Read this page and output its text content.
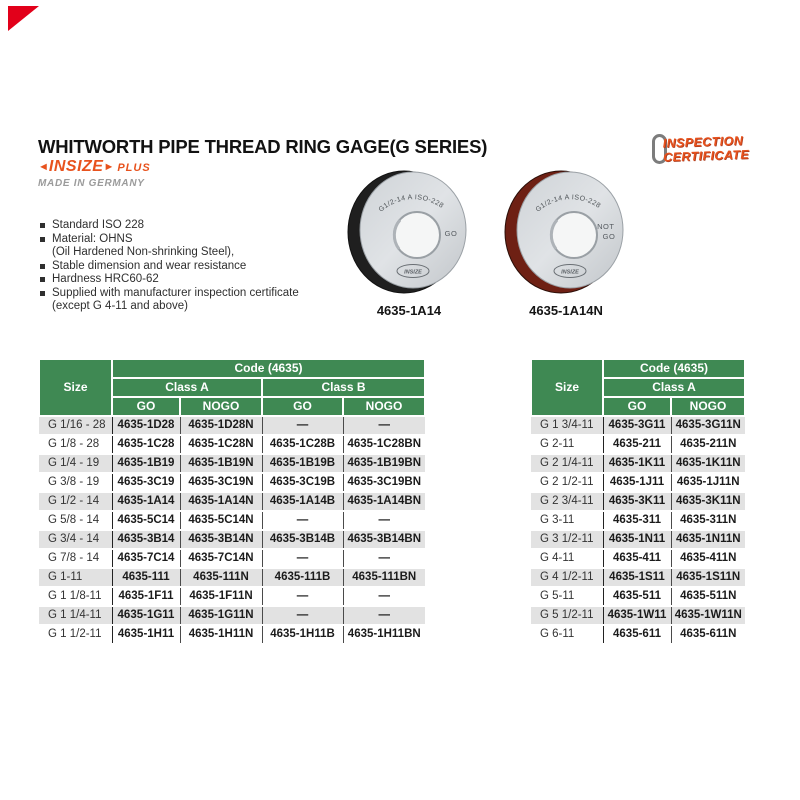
WHITWORTH PIPE THREAD RING GAGE(G SERIES)
◄INSIZE► PLUS
MADE IN GERMANY
INSPECTION
CERTIFICATE
Standard ISO 228
Material: OHNS
(Oil Hardened Non-shrinking Steel),
Stable dimension and wear resistance
Hardness HRC60-62
Supplied with manufacturer inspection certificate
(except G 4-11 and above)
G1/2-14 A ISO-228
GO
INSIZE
4635-1A14
G1/2-14 A ISO-228
NOT GO
INSIZE
4635-1A14N
Size	Code (4635)			
	Class A		Class B	
	GO	NOGO	GO	NOGO
G 1/16 - 28	4635-1D28	4635-1D28N	—	—
G 1/8 - 28	4635-1C28	4635-1C28N	4635-1C28B	4635-1C28BN
G 1/4 - 19	4635-1B19	4635-1B19N	4635-1B19B	4635-1B19BN
G 3/8 - 19	4635-3C19	4635-3C19N	4635-3C19B	4635-3C19BN
G 1/2 - 14	4635-1A14	4635-1A14N	4635-1A14B	4635-1A14BN
G 5/8 - 14	4635-5C14	4635-5C14N	—	—
G 3/4 - 14	4635-3B14	4635-3B14N	4635-3B14B	4635-3B14BN
G 7/8 - 14	4635-7C14	4635-7C14N	—	—
G 1-11	4635-111	4635-111N	4635-111B	4635-111BN
G 1 1/8-11	4635-1F11	4635-1F11N	—	—
G 1 1/4-11	4635-1G11	4635-1G11N	—	—
G 1 1/2-11	4635-1H11	4635-1H11N	4635-1H11B	4635-1H11BN
Size	Code (4635)	
	Class A	
	GO	NOGO
G 1 3/4-11	4635-3G11	4635-3G11N
G 2-11	4635-211	4635-211N
G 2 1/4-11	4635-1K11	4635-1K11N
G 2 1/2-11	4635-1J11	4635-1J11N
G 2 3/4-11	4635-3K11	4635-3K11N
G 3-11	4635-311	4635-311N
G 3 1/2-11	4635-1N11	4635-1N11N
G 4-11	4635-411	4635-411N
G 4 1/2-11	4635-1S11	4635-1S11N
G 5-11	4635-511	4635-511N
G 5 1/2-11	4635-1W11	4635-1W11N
G 6-11	4635-611	4635-611N
